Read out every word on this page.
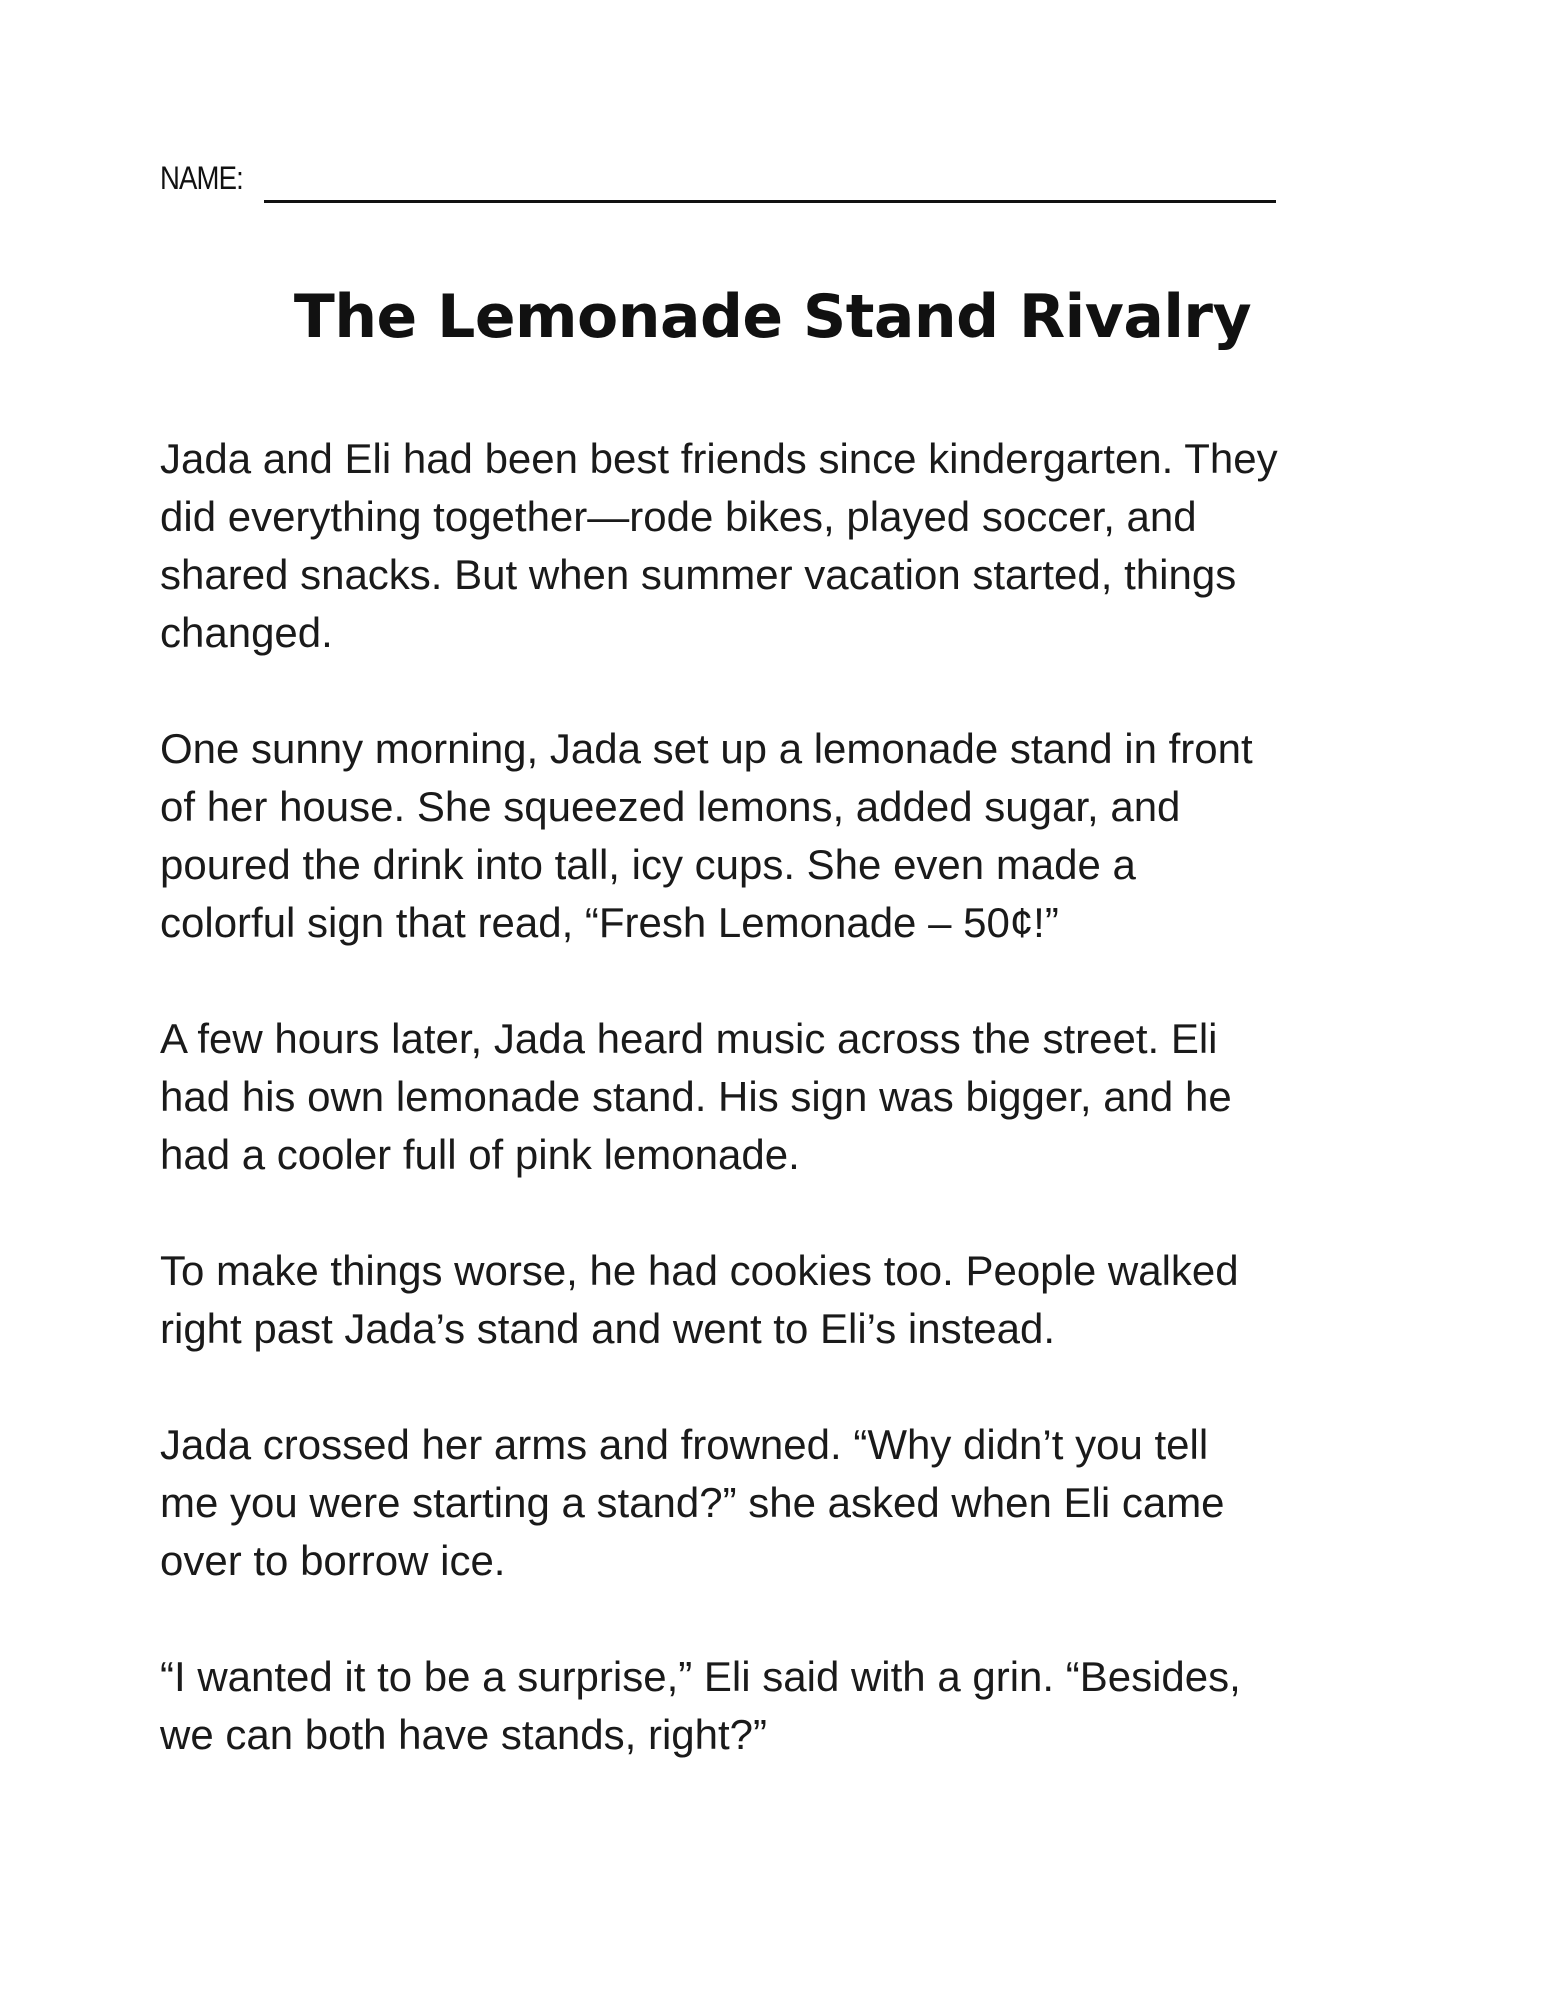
NAME:
The Lemonade Stand Rivalry

Jada and Eli had been best friends since kindergarten. They
did everything together—rode bikes, played soccer, and
shared snacks. But when summer vacation started, things
changed.

One sunny morning, Jada set up a lemonade stand in front
of her house. She squeezed lemons, added sugar, and
poured the drink into tall, icy cups. She even made a
colorful sign that read, “Fresh Lemonade – 50¢!”

A few hours later, Jada heard music across the street. Eli
had his own lemonade stand. His sign was bigger, and he
had a cooler full of pink lemonade.

To make things worse, he had cookies too. People walked
right past Jada’s stand and went to Eli’s instead.

Jada crossed her arms and frowned. “Why didn’t you tell
me you were starting a stand?” she asked when Eli came
over to borrow ice.

“I wanted it to be a surprise,” Eli said with a grin. “Besides,
we can both have stands, right?”
